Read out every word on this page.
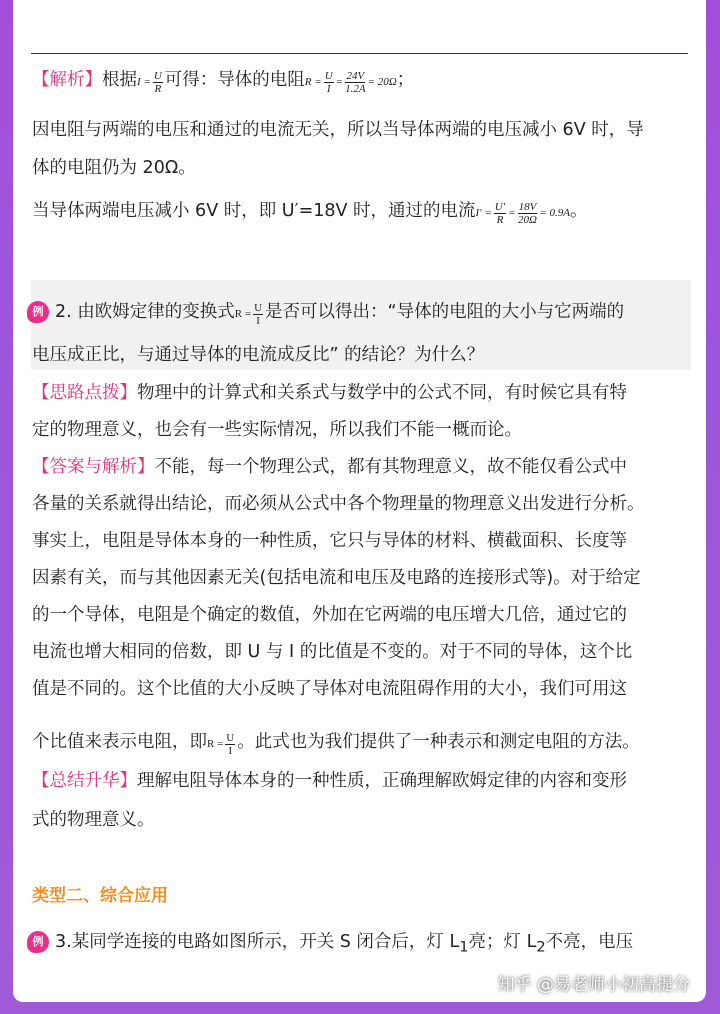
【解析】根据$I = \frac{U}{R}$ 可得：导体的电阻$R = \frac{U}{I} = \frac{24V}{1.2A} = 20\Omega$；
因电阻与两端的电压和通过的电流无关，所以当导体两端的电压减小 6V 时，导
体的电阻仍为 20Ω。
当导体两端电压减小 6V 时，即 U′=18V 时，通过的电流$I' = \frac{U'}{R} = \frac{18V}{20\Omega} = 0.9A$。
例 2. 由欧姆定律的变换式$R = \frac{U}{I}$ 是否可以得出：“导体的电阻的大小与它两端的
电压成正比，与通过导体的电流成反比” 的结论？为什么？
【思路点拨】物理中的计算式和关系式与数学中的公式不同，有时候它具有特
定的物理意义，也会有一些实际情况，所以我们不能一概而论。
【答案与解析】不能，每一个物理公式，都有其物理意义，故不能仅看公式中
各量的关系就得出结论，而必须从公式中各个物理量的物理意义出发进行分析。
事实上，电阻是导体本身的一种性质，它只与导体的材料、横截面积、长度等
因素有关，而与其他因素无关(包括电流和电压及电路的连接形式等)。对于给定
的一个导体，电阻是个确定的数值，外加在它两端的电压增大几倍，通过它的
电流也增大相同的倍数，即 U 与 I 的比值是不变的。对于不同的导体，这个比
值是不同的。这个比值的大小反映了导体对电流阻碍作用的大小，我们可用这
个比值来表示电阻，即$R = \frac{U}{I}$ 。此式也为我们提供了一种表示和测定电阻的方法。
【总结升华】理解电阻导体本身的一种性质，正确理解欧姆定律的内容和变形
式的物理意义。
类型二、综合应用
例 3.某同学连接的电路如图所示，开关 S 闭合后，灯 $L_1$亮；灯 $L_2$不亮，电压
知乎 @易老师小初高提分
